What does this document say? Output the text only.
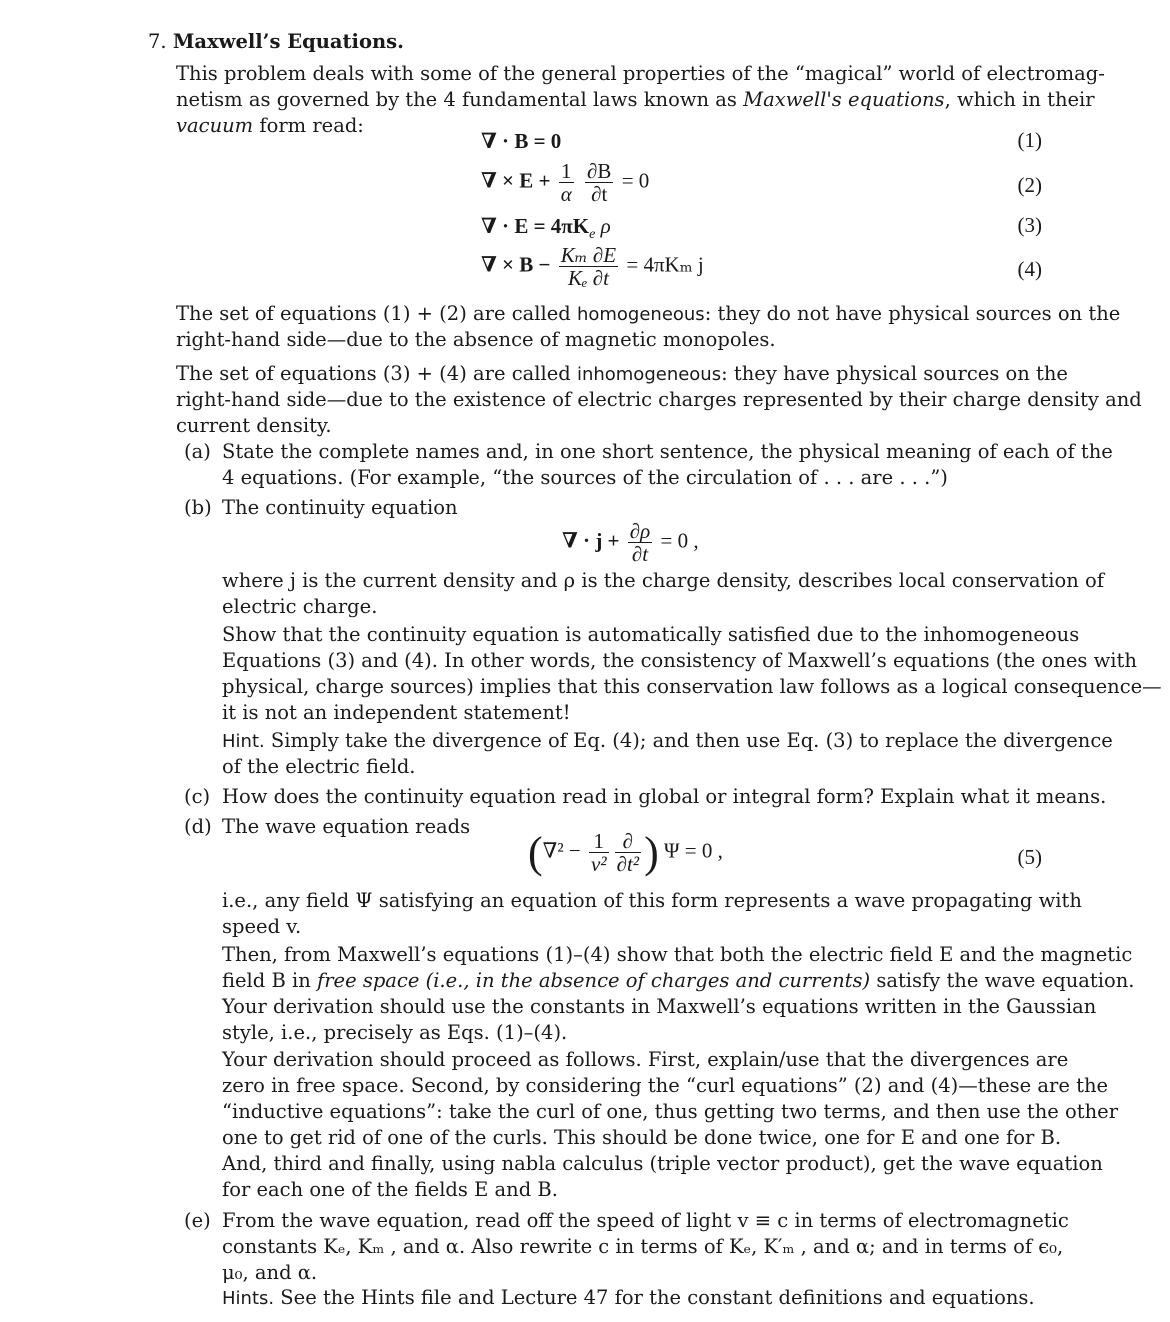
7. Maxwell’s Equations.
This problem deals with some of the general properties of the “magical” world of electromag-
netism as governed by the 4 fundamental laws known as Maxwell's equations, which in their
vacuum form read:
∇ · B = 0	(1)
∇ × $E + \frac{1}{\alpha}$
$\frac{\partial B}{\partial t} = 0$	(2)
∇ · $E = 4\pi K_e$ ρ	(3)
∇ × $B - \frac{\text{Kₘ ∂E}}{\text{Kₑ ∂t}} = 4\pi K_m$ j	(4)
The set of equations (1) + (2) are called homogeneous: they do not have physical sources on the
right-hand side—due to the absence of magnetic monopoles.
The set of equations (3) + (4) are called inhomogeneous: they have physical sources on the
right-hand side—due to the existence of electric charges represented by their charge density and
current density.
(a) State the complete names and, in one short sentence, the physical meaning of each of the
4 equations. (For example, “the sources of the circulation of . . . are . . .”)
(b) The continuity equation
∇ · $j + \frac{\partial\rho}{\partial t} = 0$ ,
where j is the current density and ρ is the charge density, describes local conservation of
electric charge.
Show that the continuity equation is automatically satisfied due to the inhomogeneous
Equations (3) and (4). In other words, the consistency of Maxwell’s equations (the ones with
physical, charge sources) implies that this conservation law follows as a logical consequence—
it is not an independent statement!
Hint. Simply take the divergence of Eq. (4); and then use Eq. (3) to replace the divergence
of the electric field.
(c) How does the continuity equation read in global or integral form? Explain what it means.
(d) The wave equation reads
($\nabla^2 - \frac{1}{\text{v²}} \frac{\partial}{\text{∂t²}}$ ) Ψ = 0 ,	(5)
i.e., any field Ψ satisfying an equation of this form represents a wave propagating with
speed v.
Then, from Maxwell’s equations (1)–(4) show that both the electric field E and the magnetic
field B in free space (i.e., in the absence of charges and currents) satisfy the wave equation.
Your derivation should use the constants in Maxwell’s equations written in the Gaussian
style, i.e., precisely as Eqs. (1)–(4).
Your derivation should proceed as follows. First, explain/use that the divergences are
zero in free space. Second, by considering the “curl equations” (2) and (4)—these are the
“inductive equations”: take the curl of one, thus getting two terms, and then use the other
one to get rid of one of the curls. This should be done twice, one for E and one for B.
And, third and finally, using nabla calculus (triple vector product), get the wave equation
for each one of the fields E and B.
(e) From the wave equation, read off the speed of light v ≡ c in terms of electromagnetic
constants Kₑ, Kₘ , and α. Also rewrite c in terms of Kₑ, K′ₘ , and α; and in terms of ϵ₀,
μ₀, and α.
Hints. See the Hints file and Lecture 47 for the constant definitions and equations.
